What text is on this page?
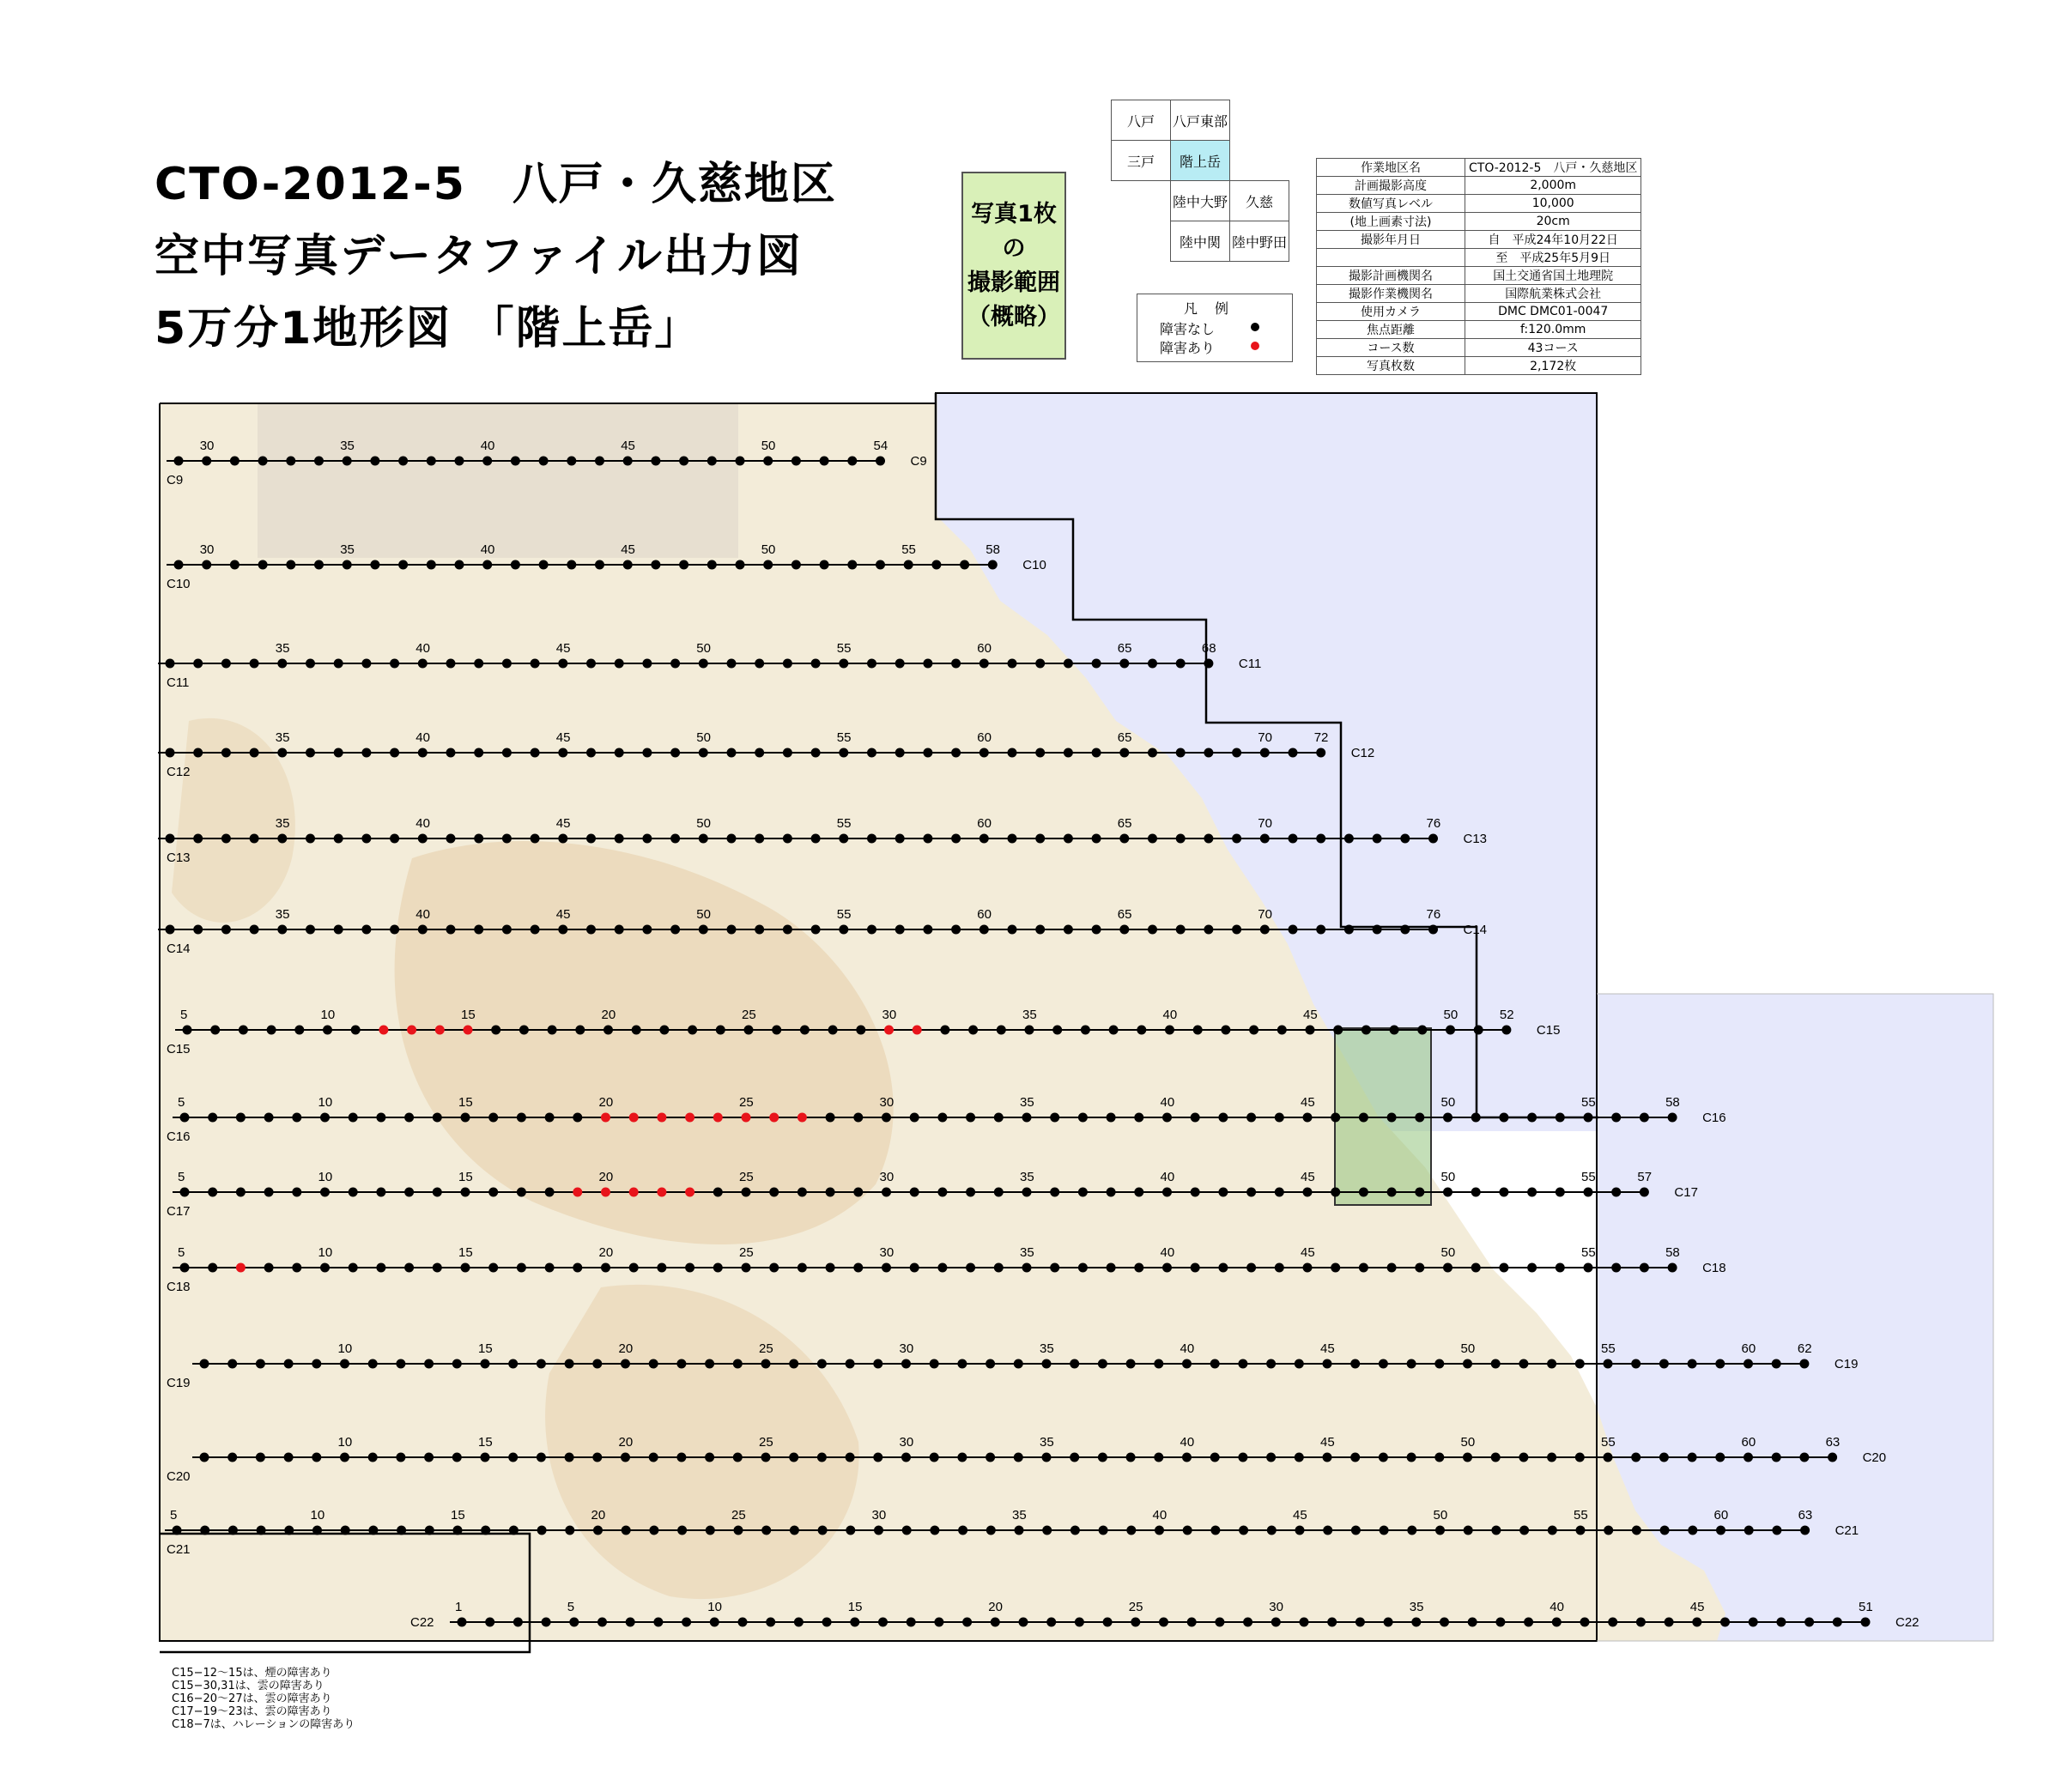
CTO-2012-5　八戸・久慈地区
空中写真データファイル出力図
5万分1地形図 「階上岳」
写真1枚
の
撮影範囲
（概略）
八戸	八戸東部	
三戸	階上岳	
	陸中大野	久慈
	陸中関	陸中野田
凡例
障害なし
障害あり
作業地区名	CTO-2012-5　八戸・久慈地区
計画撮影高度	2,000m
数値写真レベル	10,000
(地上画素寸法)	20cm
撮影年月日	自　平成24年10月22日
	至　平成25年5月9日
撮影計画機関名	国土交通省国土地理院
撮影作業機関名	国際航業株式会社
使用カメラ	DMC DMC01-0047
焦点距離	f:120.0mm
コース数	43コース
写真枚数	2,172枚
30	35	40	45	50	54
C9
C9
30	35	40	45	50	55	58
C10
C10
35	40	45	50	55	60	65	68
C11
C11
35	40	45	50	55	60	65	70	72
C12
C12
35	40	45	50	55	60	65	70	76
C13
C13
35	40	45	50	55	60	65	70	76
C14
C14
5	10	15	20	25	30	35	40	45	50	52
C15
C15
5	10	15	20	25	30	35	40	45	50	55	58
C16
C16
5	10	15	20	25	30	35	40	45	50	55	57
C17
C17
5	10	15	20	25	30	35	40	45	50	55	58
C18
C18
10	15	20	25	30	35	40	45	50	55	60	62
C19
C19
10	15	20	25	30	35	40	45	50	55	60	63
C20
C20
5	10	15	20	25	30	35	40	45	50	55	60	63
C21
C21
1	5	10	15	20	25	30	35	40	45	51
C22
C22
C15−12〜15は、煙の障害あり
C15−30,31は、雲の障害あり
C16−20〜27は、雲の障害あり
C17−19〜23は、雲の障害あり
C18−7は、ハレーションの障害あり
